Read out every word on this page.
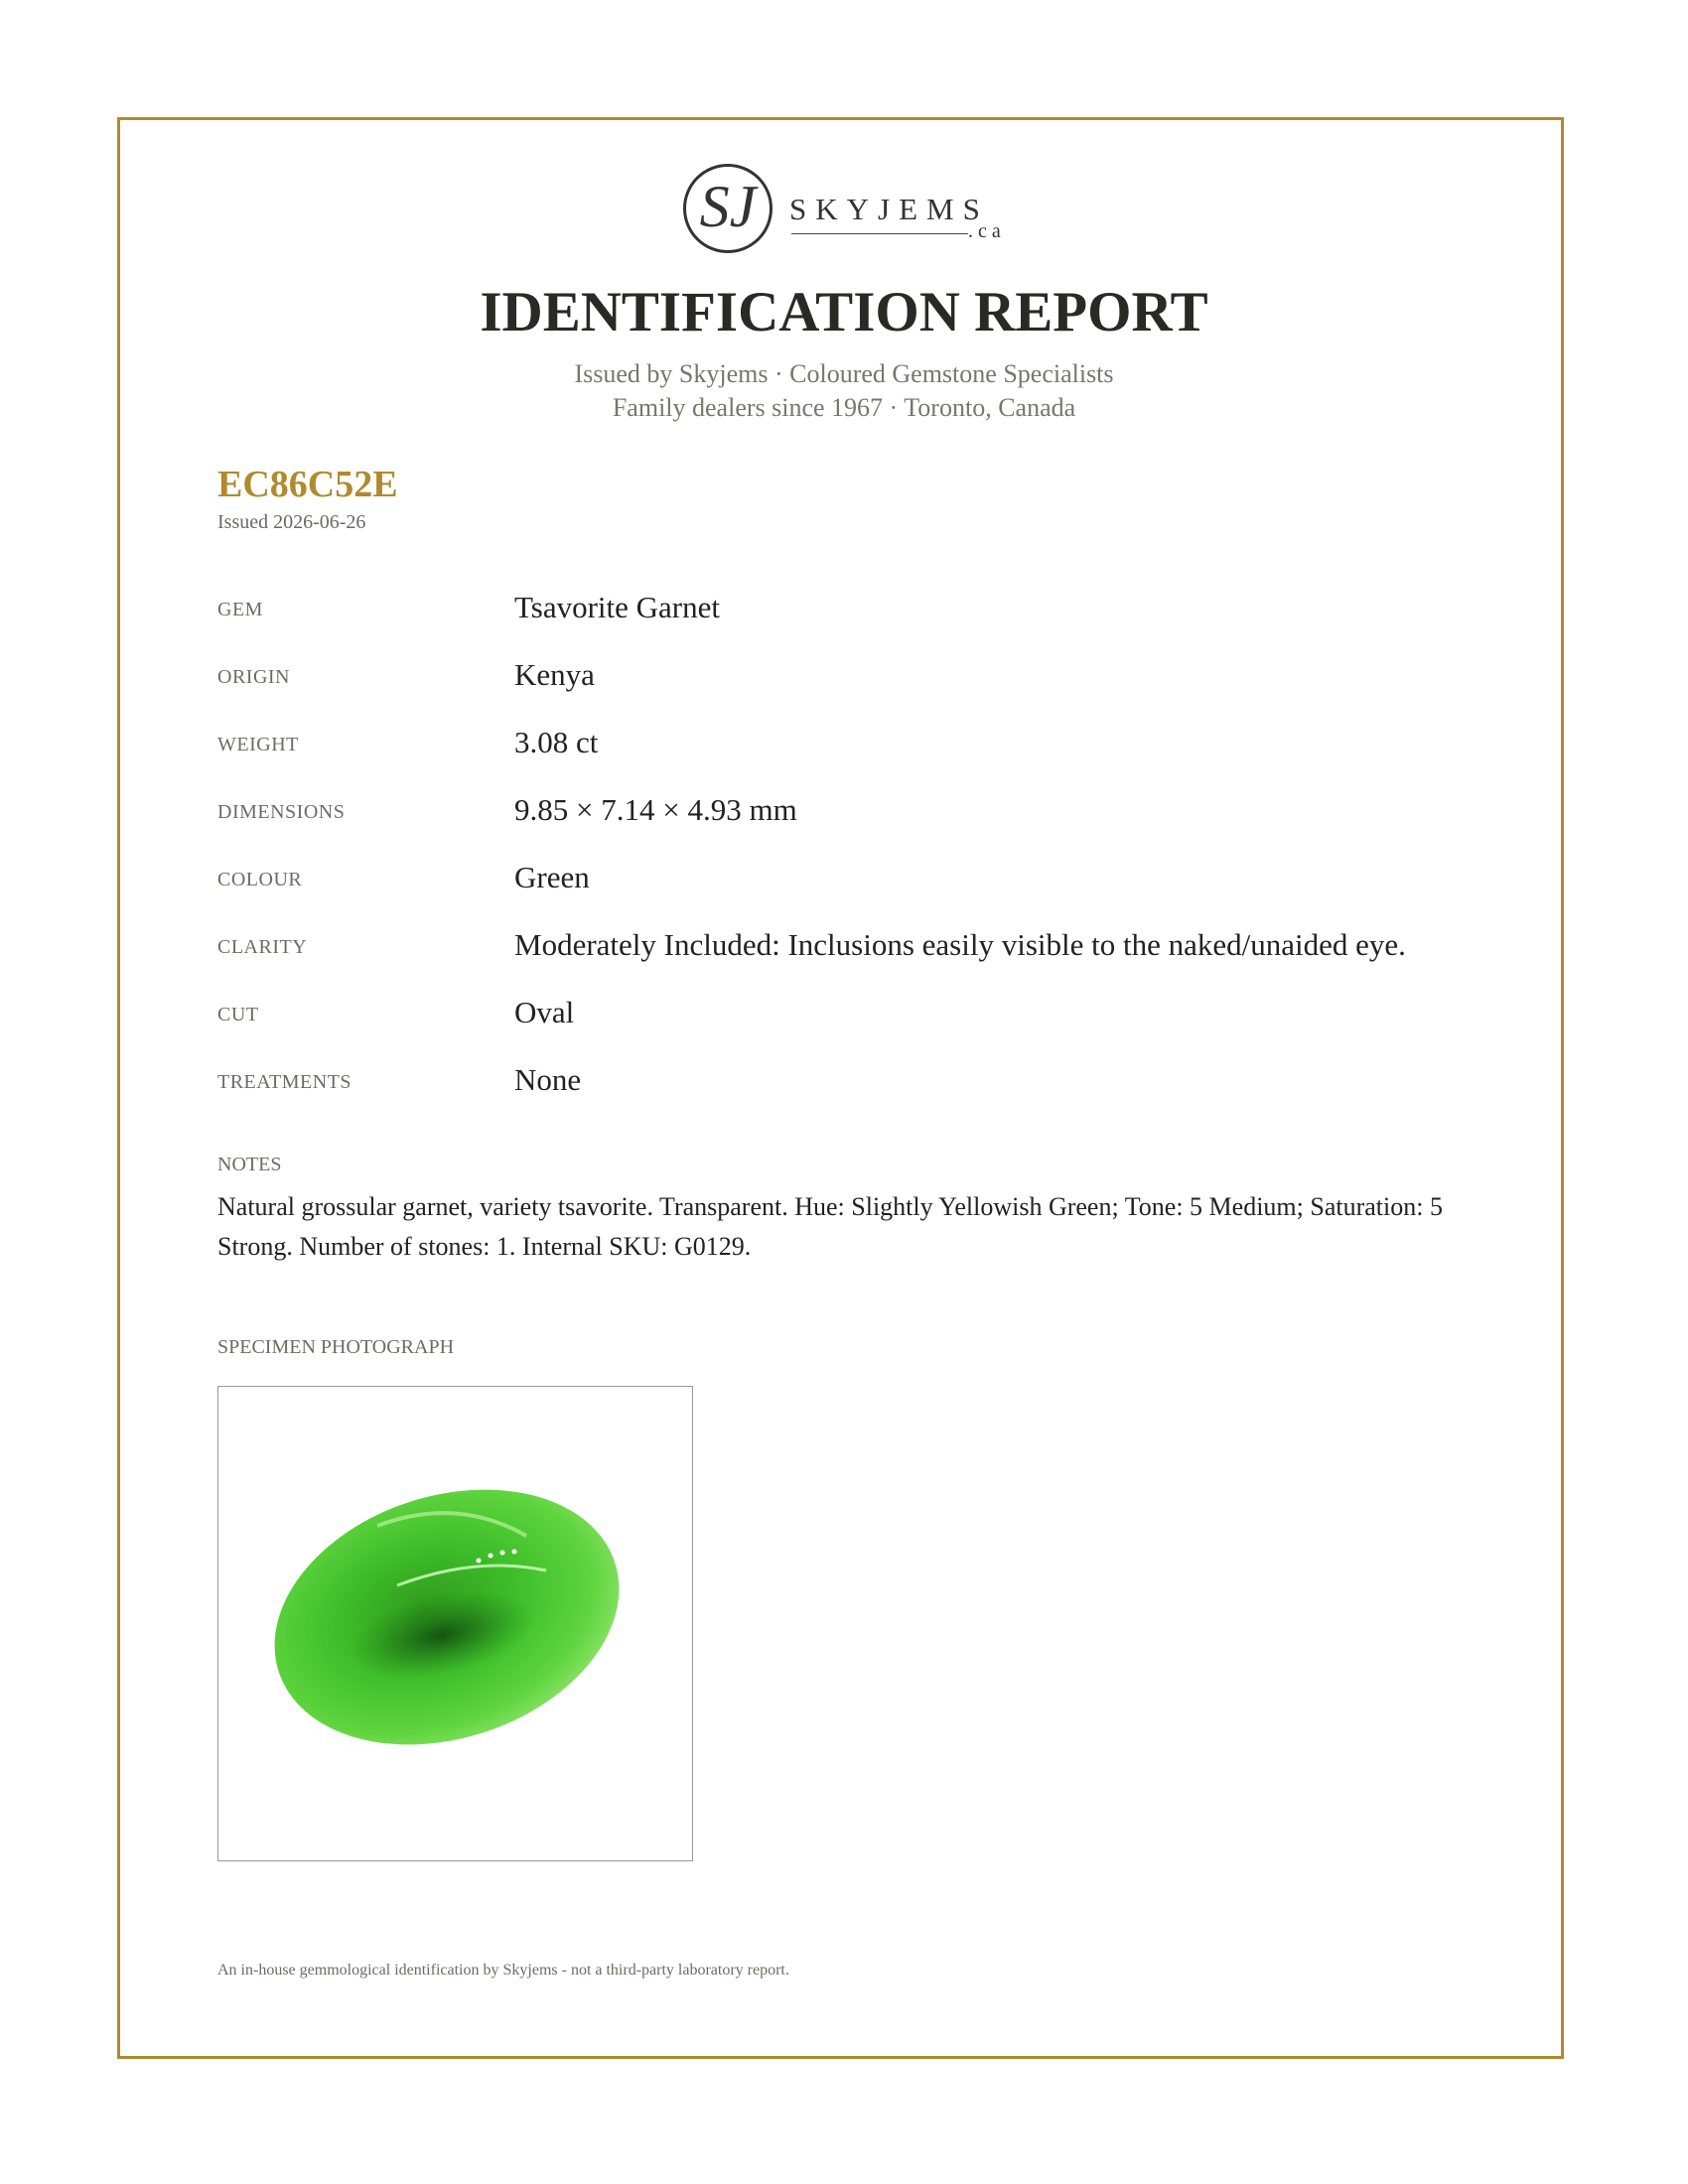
SJ	SKYJEMS
.ca
IDENTIFICATION REPORT
Issued by Skyjems · Coloured Gemstone Specialists
Family dealers since 1967 · Toronto, Canada
EC86C52E
Issued 2026-06-26
GEM	Tsavorite Garnet
ORIGIN	Kenya
WEIGHT	3.08 ct
DIMENSIONS	9.85 × 7.14 × 4.93 mm
COLOUR	Green
CLARITY	Moderately Included: Inclusions easily visible to the naked/unaided eye.
CUT	Oval
TREATMENTS	None
NOTES
Natural grossular garnet, variety tsavorite. Transparent. Hue: Slightly Yellowish Green; Tone: 5 Medium; Saturation: 5 Strong. Number of stones: 1. Internal SKU: G0129.
SPECIMEN PHOTOGRAPH
An in-house gemmological identification by Skyjems - not a third-party laboratory report.
